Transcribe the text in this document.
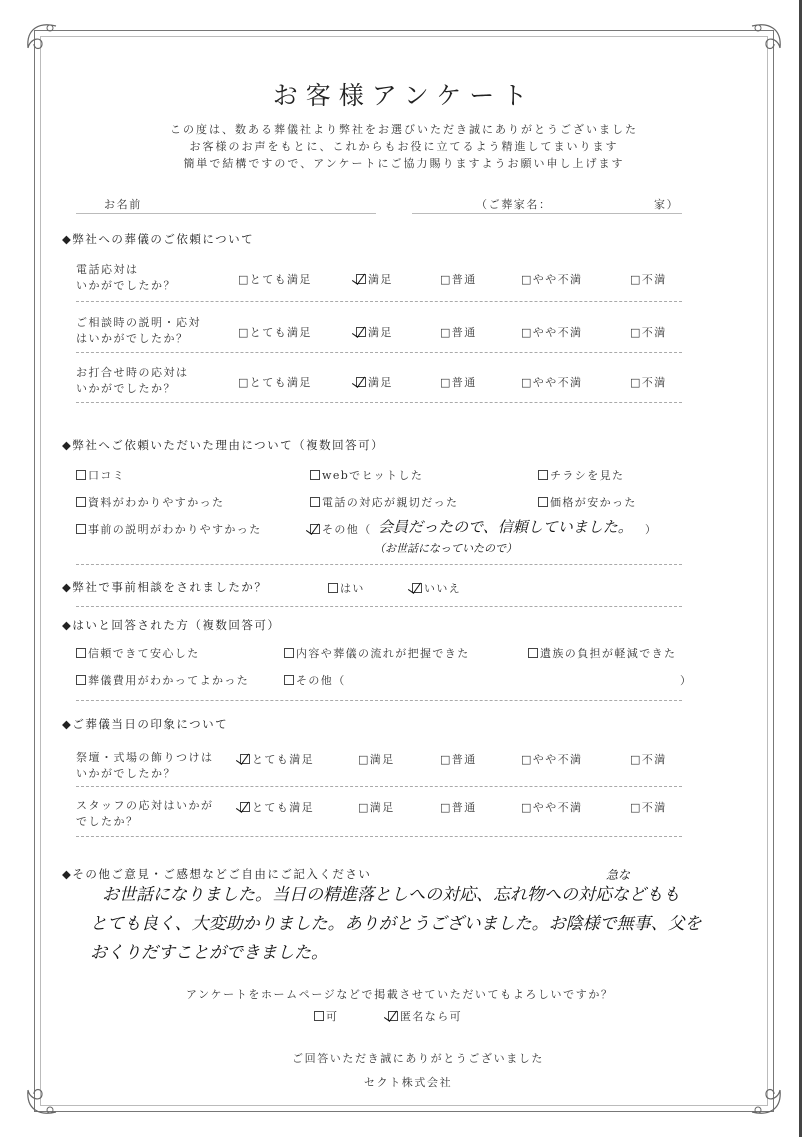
お客様アンケート
この度は、数ある葬儀社より弊社をお選びいただき誠にありがとうございました
お客様のお声をもとに、これからもお役に立てるよう精進してまいります
簡単で結構ですので、アンケートにご協力賜りますようお願い申し上げます
お名前	（ご葬家名：	家）
◆弊社への葬儀のご依頼について
電話応対は
いかがでしたか？	□とても満足	満足	□普通	□やや不満	□不満
ご相談時の説明・応対
はいかがでしたか？	□とても満足	満足	□普通	□やや不満	□不満
お打合せ時の応対は
いかがでしたか？	□とても満足	満足	□普通	□やや不満	□不満
◆弊社へご依頼いただいた理由について（複数回答可）
口コミ	webでヒットした	チラシを見た
資料がわかりやすかった	電話の対応が親切だった	価格が安かった
事前の説明がわかりやすかった	その他（	）
会員だったので、信頼していました。
（お世話になっていたので）
◆弊社で事前相談をされましたか？	はい	いいえ
◆はいと回答された方（複数回答可）
信頼できて安心した	内容や葬儀の流れが把握できた	遺族の負担が軽減できた
葬儀費用がわかってよかった	その他（	）
◆ご葬儀当日の印象について
祭壇・式場の飾りつけは
いかがでしたか？
とても満足	□満足	□普通	□やや不満	□不満
スタッフの応対はいかが
でしたか？
とても満足	□満足	□普通	□やや不満	□不満
◆その他ご意見・ご感想などご自由にご記入ください	急な
お世話になりました。当日の精進落としへの対応、忘れ物への対応などもも
とても良く、大変助かりました。ありがとうございました。お陰様で無事、父を
おくりだすことができました。
アンケートをホームページなどで掲載させていただいてもよろしいですか？
可	匿名なら可
ご回答いただき誠にありがとうございました
セクト株式会社
